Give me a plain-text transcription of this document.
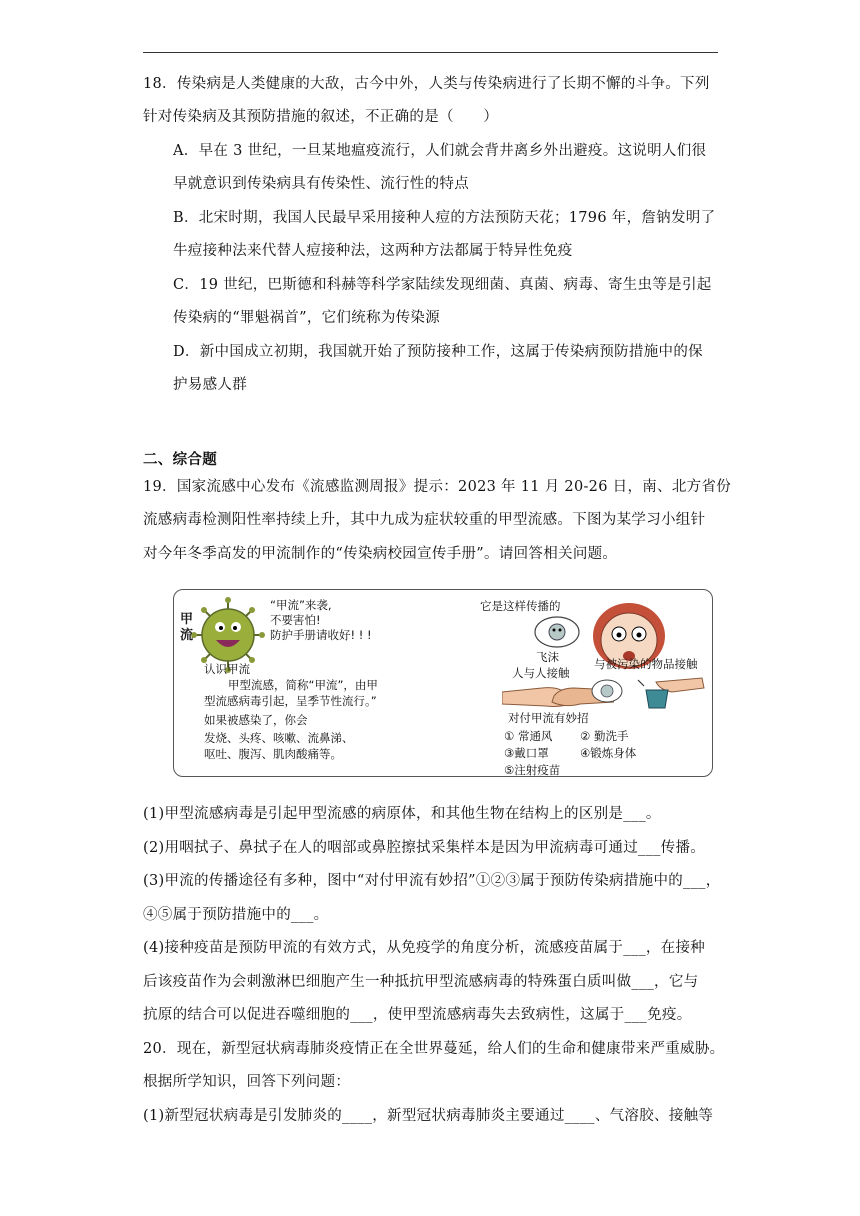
18．传染病是人类健康的大敌，古今中外，人类与传染病进行了长期不懈的斗争。下列
针对传染病及其预防措施的叙述，不正确的是（　　）
A．早在 3 世纪，一旦某地瘟疫流行，人们就会背井离乡外出避疫。这说明人们很
早就意识到传染病具有传染性、流行性的特点
B．北宋时期，我国人民最早采用接种人痘的方法预防天花；1796 年，詹钠发明了
牛痘接种法来代替人痘接种法，这两种方法都属于特异性免疫
C．19 世纪，巴斯德和科赫等科学家陆续发现细菌、真菌、病毒、寄生虫等是引起
传染病的“罪魁祸首”，它们统称为传染源
D．新中国成立初期，我国就开始了预防接种工作，这属于传染病预防措施中的保
护易感人群
二、综合题
19．国家流感中心发布《流感监测周报》提示：2023 年 11 月 20-26 日，南、北方省份
流感病毒检测阳性率持续上升，其中九成为症状较重的甲型流感。下图为某学习小组针
对今年冬季高发的甲流制作的“传染病校园宣传手册”。请回答相关问题。
甲流
“甲流”来袭,
不要害怕!
防护手册请收好! ! !
认识甲流
甲型流感，简称“甲流”，由甲
型流感病毒引起，呈季节性流行。”
如果被感染了，你会
发烧、头疼、咳嗽、流鼻涕、
呕吐、腹泻、肌肉酸痛等。
它是这样传播的
飞沫
人与人接触
与被污染的物品接触
对付甲流有妙招
① 常通风 ② 勤洗手
③戴口罩	④锻炼身体
⑤注射疫苗
(1)甲型流感病毒是引起甲型流感的病原体，和其他生物在结构上的区别是___。
(2)用咽拭子、鼻拭子在人的咽部或鼻腔擦拭采集样本是因为甲流病毒可通过___传播。
(3)甲流的传播途径有多种，图中“对付甲流有妙招”①②③属于预防传染病措施中的___，
④⑤属于预防措施中的___。
(4)接种疫苗是预防甲流的有效方式，从免疫学的角度分析，流感疫苗属于___，在接种
后该疫苗作为会刺激淋巴细胞产生一种抵抗甲型流感病毒的特殊蛋白质叫做___，它与
抗原的结合可以促进吞噬细胞的___，使甲型流感病毒失去致病性，这属于___免疫。
20．现在，新型冠状病毒肺炎疫情正在全世界蔓延，给人们的生命和健康带来严重威胁。
根据所学知识，回答下列问题：
(1)新型冠状病毒是引发肺炎的____，新型冠状病毒肺炎主要通过____、气溶胶、接触等
